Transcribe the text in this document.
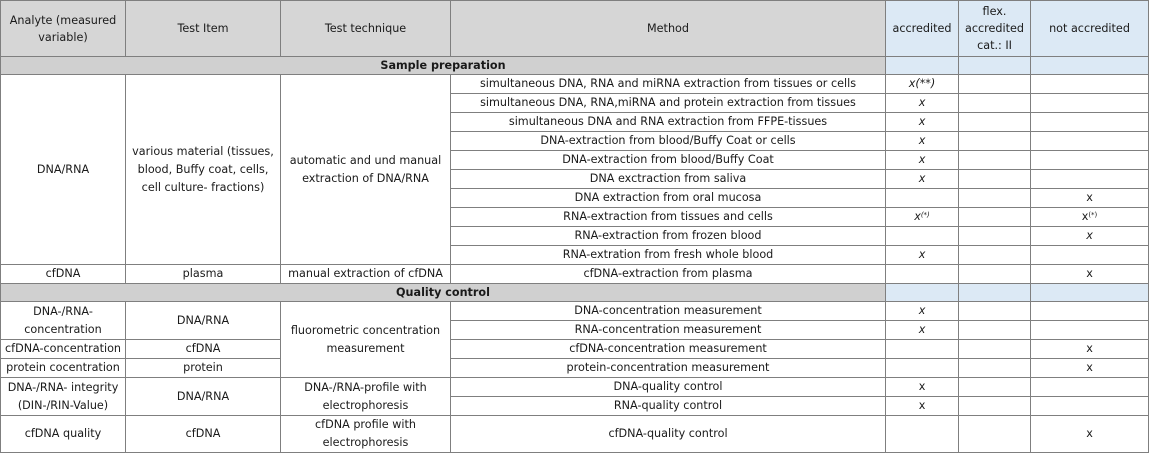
Analyte (measured variable)	Test Item	Test technique	Method	accredited	flex. accredited cat.: II	not accredited
Sample preparation						
DNA/RNA	various material (tissues, blood, Buffy coat, cells, cell culture- fractions)	automatic and und manual extraction of DNA/RNA	simultaneous DNA, RNA and miRNA extraction from tissues or cells	x(**)		
			simultaneous DNA, RNA,miRNA and protein extraction from tissues	x		
			simultaneous DNA and RNA extraction from FFPE-tissues	x		
			DNA-extraction from blood/Buffy Coat or cells	x		
			DNA-extraction from blood/Buffy Coat	x		
			DNA exctraction from saliva	x		
			DNA extraction from oral mucosa			x
			RNA-extraction from tissues and cells	x(*)		x(*)
			RNA-extraction from frozen blood			x
			RNA-extration from fresh whole blood	x		
cfDNA	plasma	manual extraction of cfDNA	cfDNA-extraction from plasma			x
Quality control						
DNA-/RNA-concentration	DNA/RNA	fluorometric concentration measurement	DNA-concentration measurement	x		
			RNA-concentration measurement	x		
cfDNA-concentration	cfDNA		cfDNA-concentration measurement			x
protein cocentration	protein		protein-concentration measurement			x
DNA-/RNA- integrity (DIN-/RIN-Value)	DNA/RNA	DNA-/RNA-profile with electrophoresis	DNA-quality control	x		
			RNA-quality control	x		
cfDNA quality	cfDNA	cfDNA profile with electrophoresis	cfDNA-quality control			x
